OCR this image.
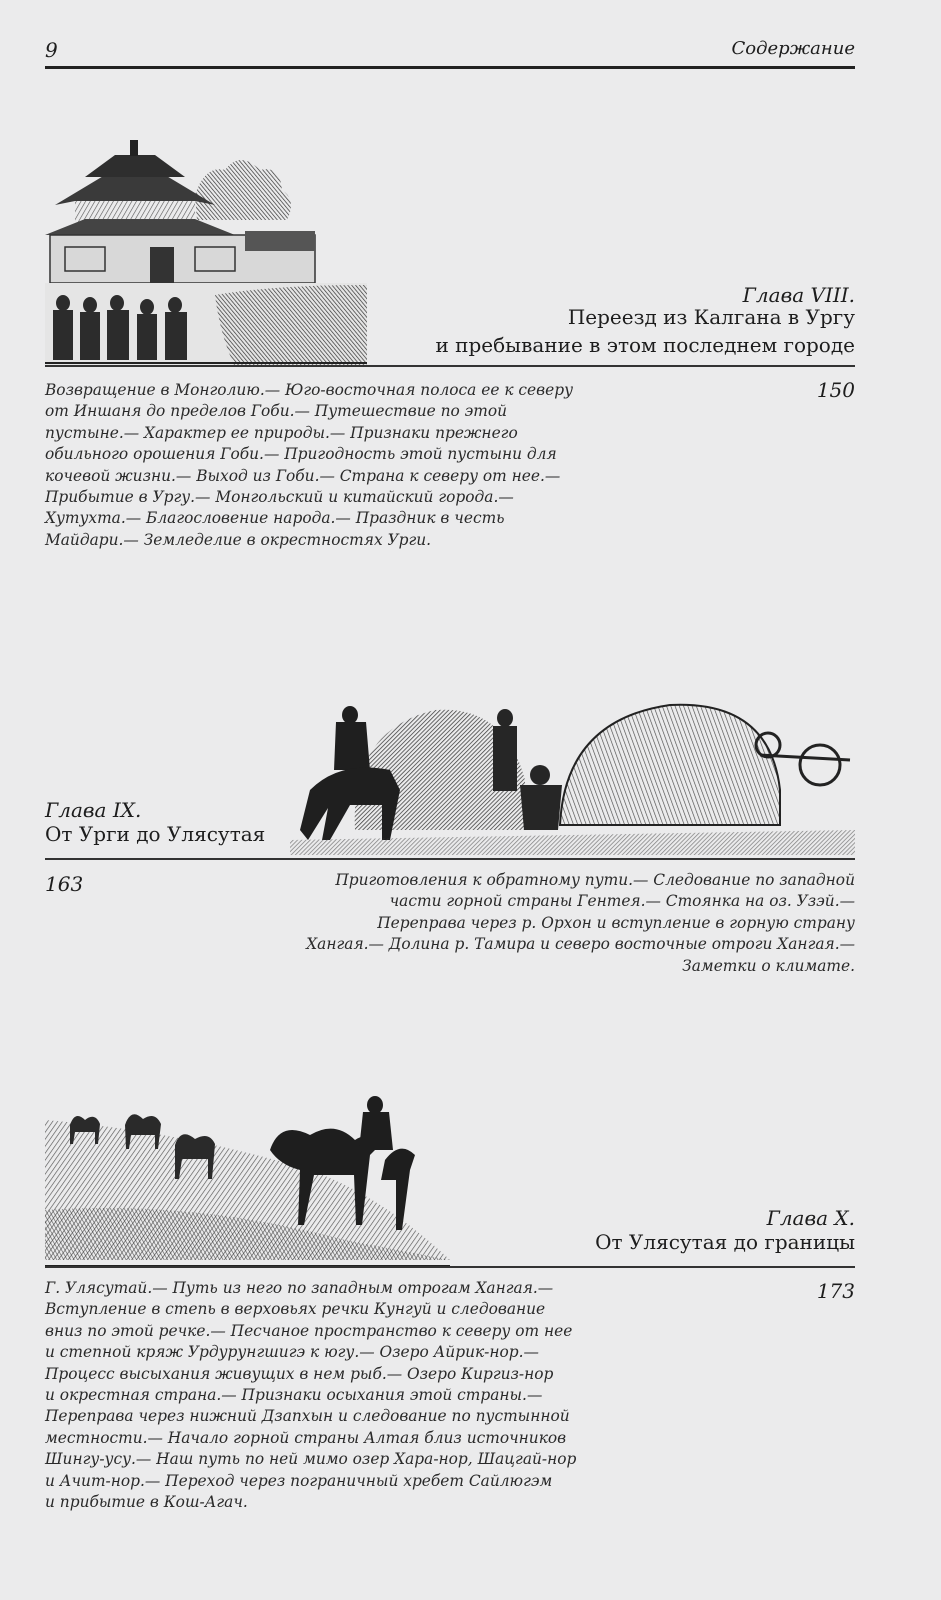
9	Содержание
Глава VIII.
Переезд из Калгана в Ургу
и пребывание в этом последнем городе
150
Возвращение в Монголию.— Юго-восточная полоса ее к северу
от Иншаня до пределов Гоби.— Путешествие по этой
пустыне.— Характер ее природы.— Признаки прежнего
обильного орошения Гоби.— Пригодность этой пустыни для
кочевой жизни.— Выход из Гоби.— Страна к северу от нее.—
Прибытие в Ургу.— Монгольский и китайский города.—
Хутухта.— Благословение народа.— Праздник в честь
Майдари.— Земледелие в окрестностях Урги.
Глава IX.
От Урги до Улясутая
163	Приготовления к обратному пути.— Следование по западной
части горной страны Гентея.— Стоянка на оз. Узэй.—
Переправа через р. Орхон и вступление в горную страну
Хангая.— Долина р. Тамира и северо восточные отроги Хангая.—
Заметки о климате.
Глава X.
От Улясутая до границы
173
Г. Улясутай.— Путь из него по западным отрогам Хангая.—
Вступление в степь в верховьях речки Кунгуй и следование
вниз по этой речке.— Песчаное пространство к северу от нее
и степной кряж Урдурунгшигэ к югу.— Озеро Айрик-нор.—
Процесс высыхания живущих в нем рыб.— Озеро Киргиз-нор
и окрестная страна.— Признаки осыхания этой страны.—
Переправа через нижний Дзапхын и следование по пустынной
местности.— Начало горной страны Алтая близ источников
Шингу-усу.— Наш путь по ней мимо озер Хара-нор, Шацгай-нор
и Ачит-нор.— Переход через пограничный хребет Сайлюгэм
и прибытие в Кош-Агач.
